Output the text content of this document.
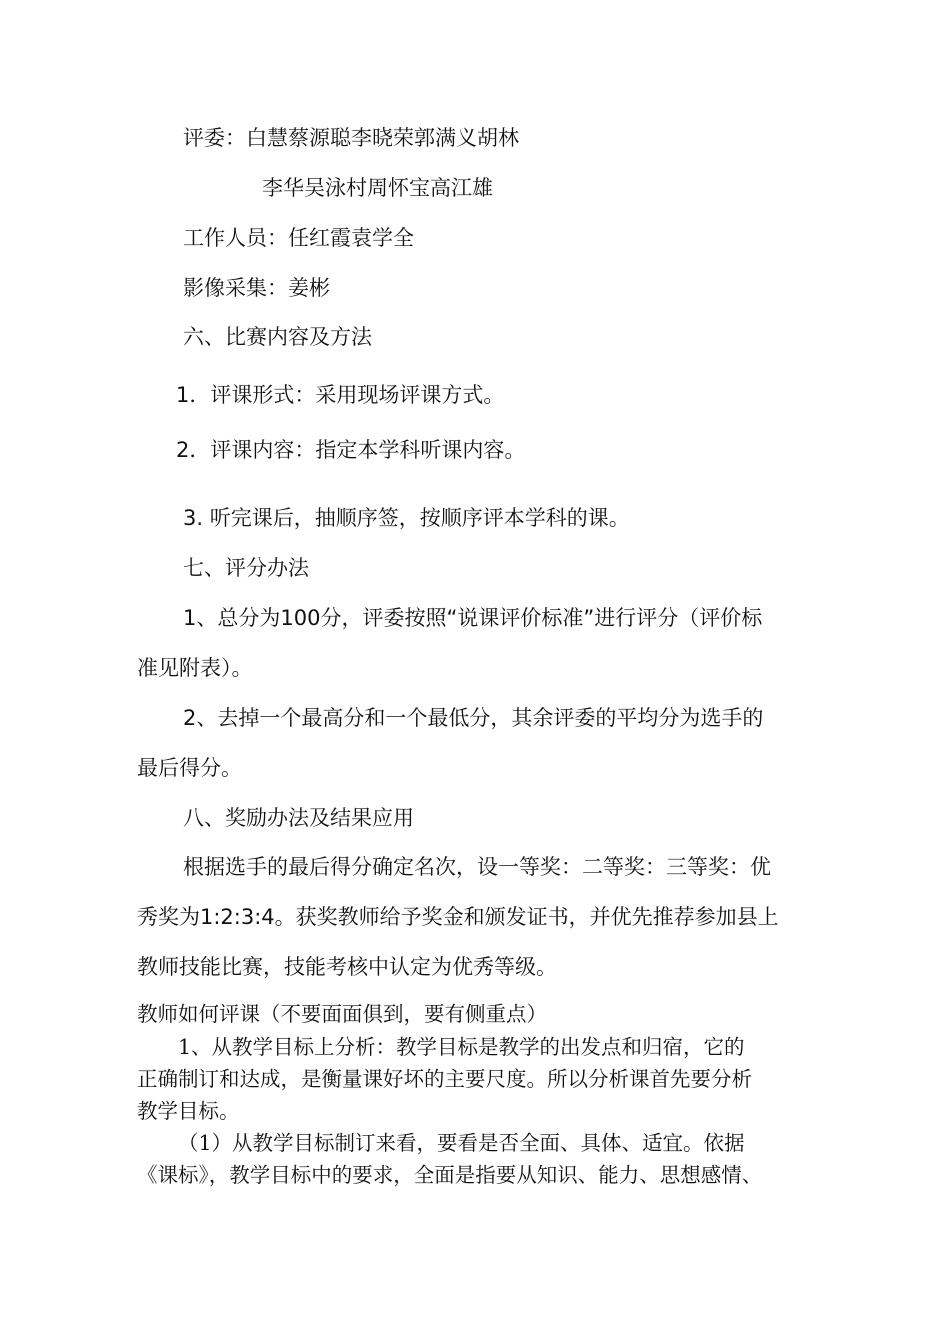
评委：白慧蔡源聪李晓荣郭满义胡林

李华吴泳村周怀宝高江雄

工作人员：任红霞袁学全

影像采集：姜彬

六、比赛内容及方法

1．评课形式：采用现场评课方式。

2．评课内容：指定本学科听课内容。

3. 听完课后，抽顺序签，按顺序评本学科的课。

七、评分办法

1、总分为100分，评委按照“说课评价标准”进行评分（评价标

准见附表）。

2、去掉一个最高分和一个最低分，其余评委的平均分为选手的

最后得分。

八、奖励办法及结果应用

根据选手的最后得分确定名次，设一等奖：二等奖：三等奖：优

秀奖为1:2:3:4。获奖教师给予奖金和颁发证书，并优先推荐参加县上

教师技能比赛，技能考核中认定为优秀等级。

教师如何评课（不要面面俱到，要有侧重点）

1、从教学目标上分析：教学目标是教学的出发点和归宿，它的

正确制订和达成，是衡量课好坏的主要尺度。所以分析课首先要分析

教学目标。

（1）从教学目标制订来看，要看是否全面、具体、适宜。依据

《课标》，教学目标中的要求，全面是指要从知识、能力、思想感情、
